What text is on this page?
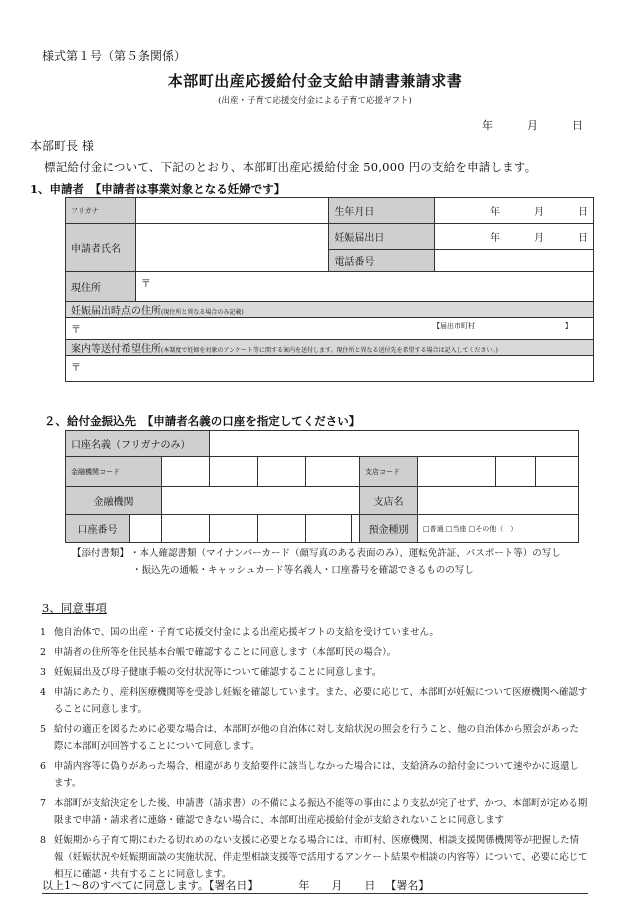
様式第１号（第５条関係）
本部町出産応援給付金支給申請書兼請求書
(出産・子育て応援交付金による子育て応援ギフト)
年	月	日
本部町長 様
標記給付金について、下記のとおり、本部町出産応援給付金 50,000 円の支給を申請します。
1、申請者　【申請者は事業対象となる妊婦です】
フリガナ		生年月日	年 月 日
申請者氏名		妊娠届出日	年 月 日
		電話番号	
現住所	〒		
妊娠届出時点の住所(現住所と異なる場合のみ記載)			
〒 【届出市町村 】			

案内等送付希望住所(本制度で妊婦を対象のアンケート等に関する案内を送付します。現住所と異なる送付先を希望する場合は記入してください。)			
〒			
２、給付金振込先　【申請者名義の口座を指定してください】
口座名義（フリガナのみ）										
金融機関コード							支店コード			
金融機関							支店名			
口座番号							預金種別	□普通 □当座 □その他（　）		
【添付書類】・本人確認書類（マイナンバーカード（顔写真のある表面のみ）、運転免許証、パスポート等）の写し
・振込先の通帳・キャッシュカード等名義人・口座番号を確認できるものの写し
3、同意事項
1 他自治体で、国の出産・子育て応援交付金による出産応援ギフトの支給を受けていません。
2 申請者の住所等を住民基本台帳で確認することに同意します（本部町民の場合）。
3 妊娠届出及び母子健康手帳の交付状況等について確認することに同意します。
4 申請にあたり、産科医療機関等を受診し妊娠を確認しています。また、必要に応じて、本部町が妊娠について医療機関へ確認することに同意します。
5 給付の適正を図るために必要な場合は、本部町が他の自治体に対し支給状況の照会を行うこと、他の自治体から照会があった際に本部町が回答することについて同意します。
6 申請内容等に偽りがあった場合、相違があり支給要件に該当しなかった場合には、支給済みの給付金について速やかに返還します。
7 本部町が支給決定をした後、申請書（請求書）の不備による振込不能等の事由により支払が完了せず、かつ、本部町が定める期限まで申請・請求者に連絡・確認できない場合に、本部町出産応援給付金が支給されないことに同意します
8 妊娠期から子育て期にわたる切れめのない支援に必要となる場合には、市町村、医療機関、相談支援関係機関等が把握した情報（妊娠状況や妊娠期面談の実施状況、伴走型相談支援等で活用するアンケート結果や相談の内容等）について、必要に応じて相互に確認・共有することに同意します。
以上1～8のすべてに同意します。【署名日】	年 月 日 【署名】
